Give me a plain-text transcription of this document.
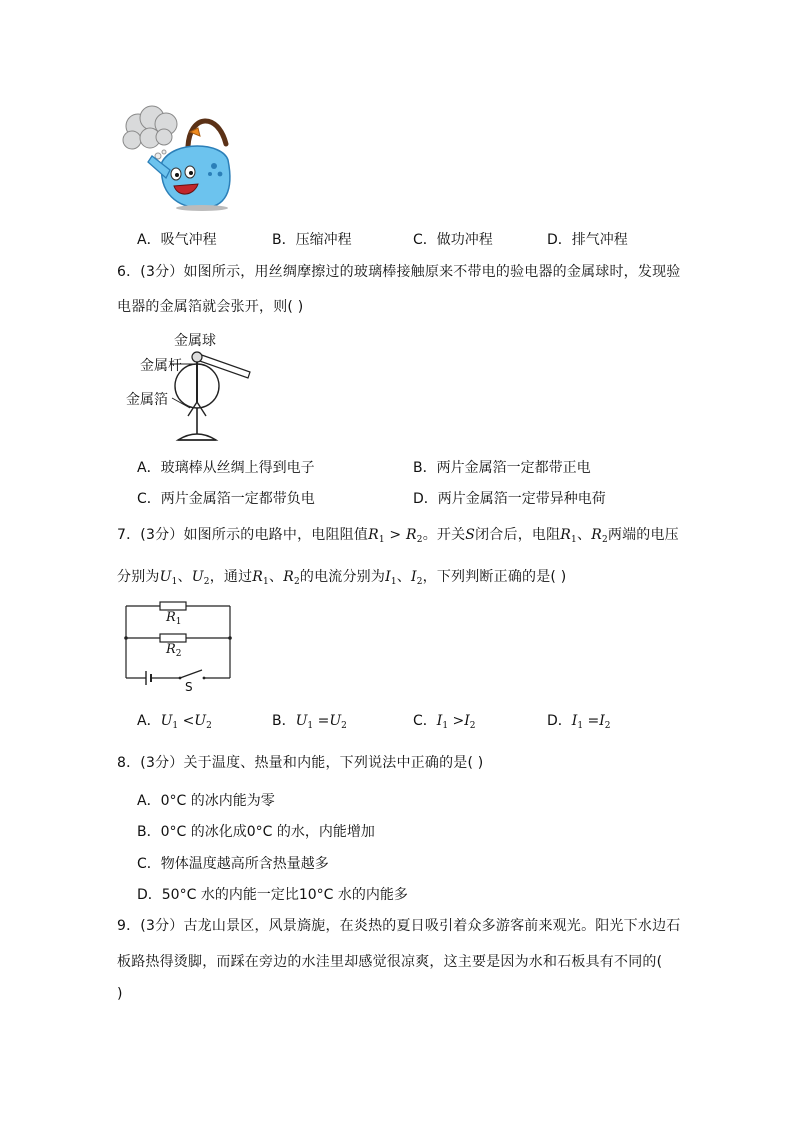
A．吸气冲程	B．压缩冲程	C．做功冲程	D．排气冲程
6．(3分）如图所示，用丝绸摩擦过的玻璃棒接触原来不带电的验电器的金属球时，发现验
电器的金属箔就会张开，则( )
金属球
金属杆
金属箔
A．玻璃棒从丝绸上得到电子	B．两片金属箔一定都带正电
C．两片金属箔一定都带负电	D．两片金属箔一定带异种电荷
7．(3分）如图所示的电路中，电阻阻值$R_1 > R_2$。开关S闭合后，电阻$R_1$、$R_2$两端的电压
分别为$U_1$、$U_2$，通过$R_1$、$R_2$的电流分别为$I_1$、$I_2$，下列判断正确的是( )
$R_1$
$R_2$
S
A．$U_1 <U_2$	B．$U_1 =U_2$	C．$I_1 >I_2$	D．$I_1 =I_2$
8．(3分）关于温度、热量和内能，下列说法中正确的是( )
A．0°C 的冰内能为零
B．0°C 的冰化成0°C 的水，内能增加
C．物体温度越高所含热量越多
D．50°C 水的内能一定比10°C 水的内能多
9．(3分）古龙山景区，风景旖旎，在炎热的夏日吸引着众多游客前来观光。阳光下水边石
板路热得烫脚，而踩在旁边的水洼里却感觉很凉爽，这主要是因为水和石板具有不同的(
)
